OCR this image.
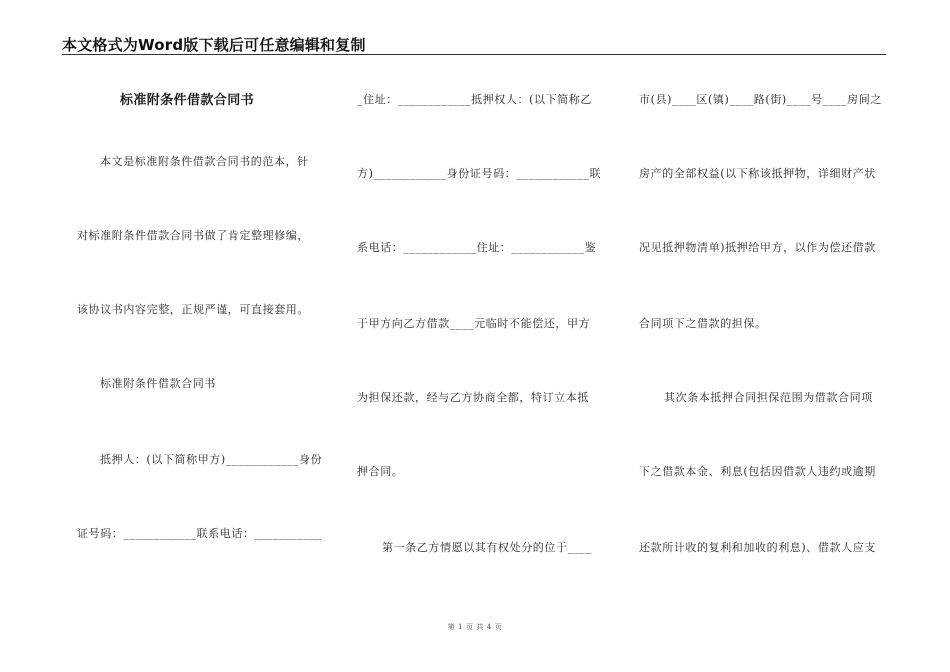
本文格式为Word版下载后可任意编辑和复制
标准附条件借款合同书
本文是标准附条件借款合同书的范本，针
对标准附条件借款合同书做了肯定整理修编，
该协议书内容完整，正规严谨，可直接套用。
标准附条件借款合同书
抵押人：(以下简称甲方)____________身份
证号码：____________联系电话：___________
_住址：____________抵押权人：(以下简称乙
方)____________身份证号码：____________联
系电话：____________住址：____________鉴
于甲方向乙方借款____元临时不能偿还，甲方
为担保还款，经与乙方协商全都，特订立本抵
押合同。
第一条乙方情愿以其有权处分的位于____
市(县)____区(镇)____路(街)____号____房间之
房产的全部权益(以下称该抵押物，详细财产状
况见抵押物清单)抵押给甲方，以作为偿还借款
合同项下之借款的担保。
其次条本抵押合同担保范围为借款合同项
下之借款本金、利息(包括因借款人违约或逾期
还款所计收的复利和加收的利息)、借款人应支
第 1 页 共 4 页
